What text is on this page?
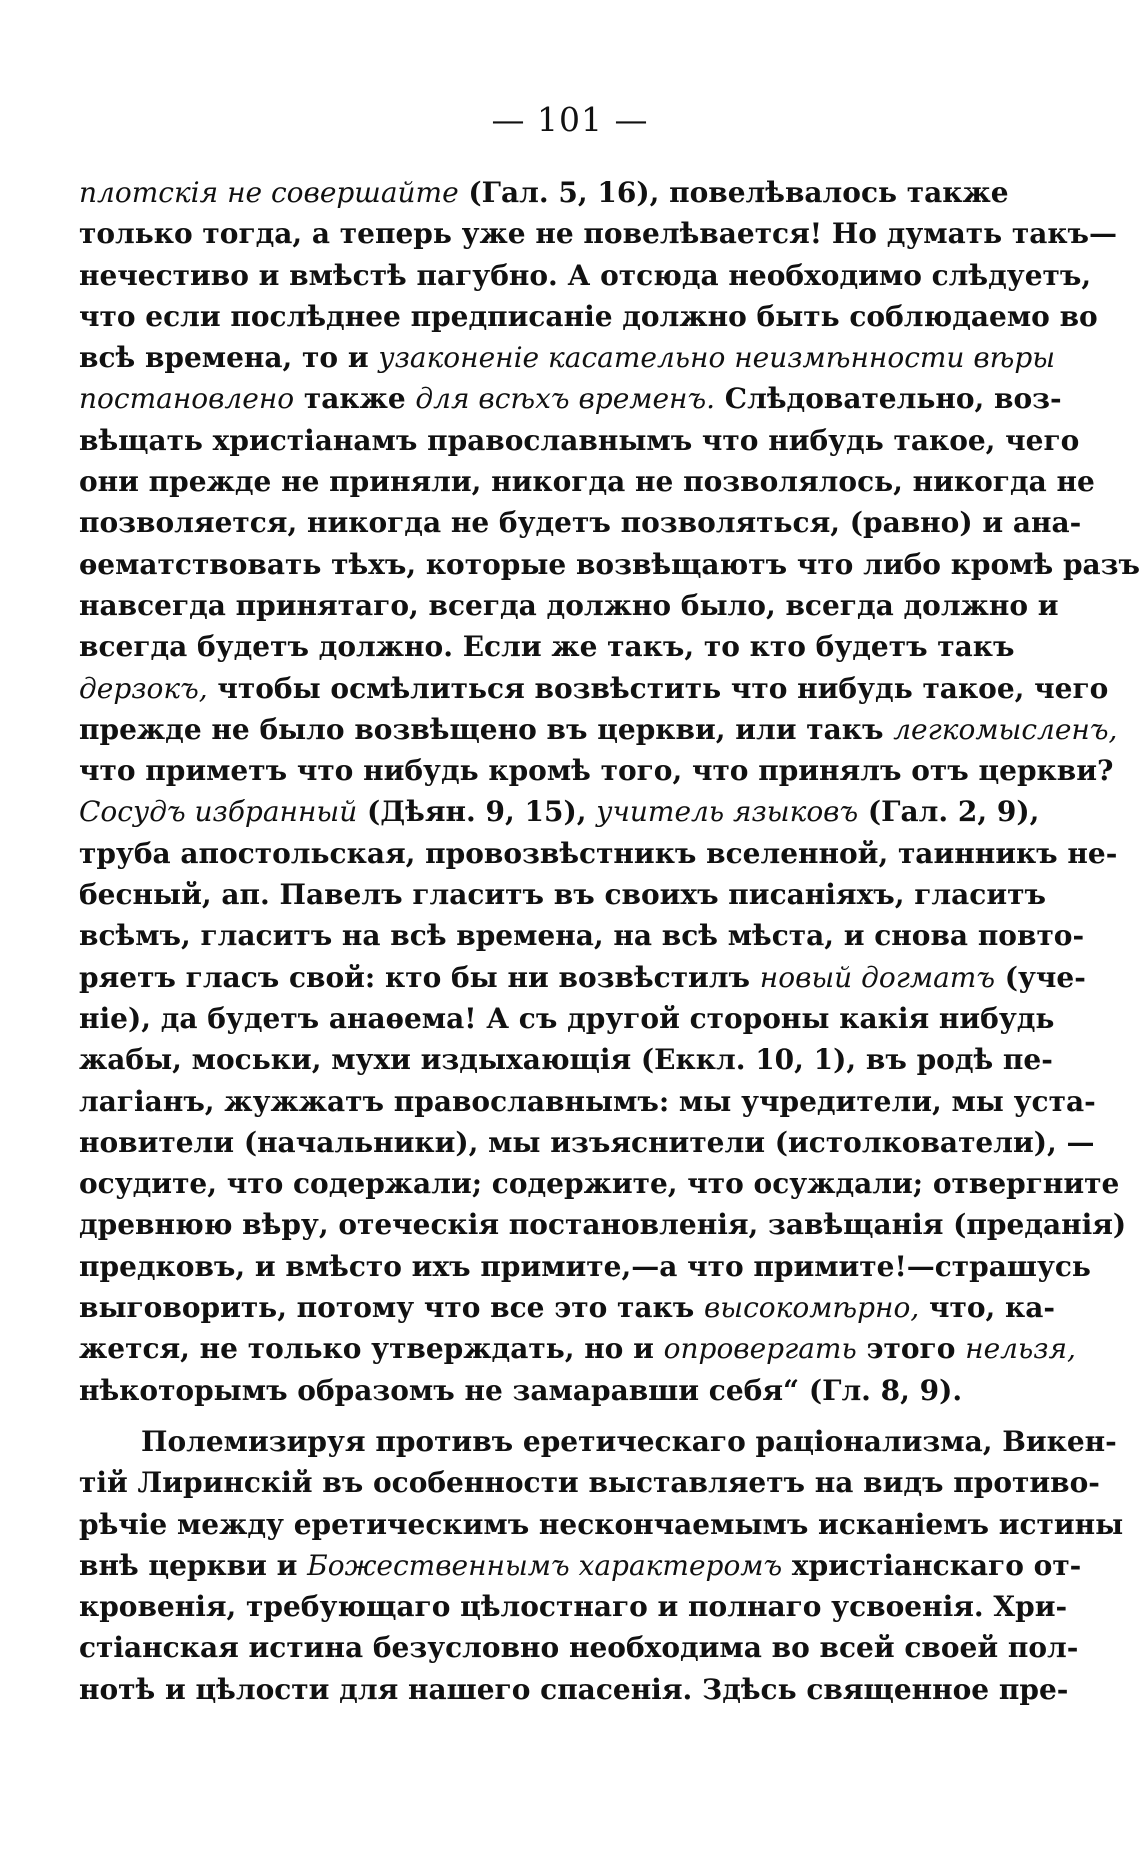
— 101 —
плотскія не совершайте (Гал. 5, 16), повелѣвалось также
только тогда, а теперь уже не повелѣвается! Но думать такъ—
нечестиво и вмѣстѣ пагубно. А отсюда необходимо слѣдуетъ,
что если послѣднее предписаніе должно быть соблюдаемо во
всѣ времена, то и узаконеніе касательно неизмѣнности вѣры
постановлено также для всѣхъ временъ. Слѣдовательно, воз-
вѣщать христіанамъ православнымъ что нибудь такое, чего
они прежде не приняли, никогда не позволялось, никогда не
позволяется, никогда не будетъ позволяться, (равно) и ана-
ѳематствовать тѣхъ, которые возвѣщаютъ что либо кромѣ разъ
навсегда принятаго, всегда должно было, всегда должно и
всегда будетъ должно. Если же такъ, то кто будетъ такъ
дерзокъ, чтобы осмѣлиться возвѣстить что нибудь такое, чего
прежде не было возвѣщено въ церкви, или такъ легкомысленъ,
что приметъ что нибудь кромѣ того, что принялъ отъ церкви?
Сосудъ избранный (Дѣян. 9, 15), учитель языковъ (Гал. 2, 9),
труба апостольская, провозвѣстникъ вселенной, таинникъ не-
бесный, ап. Павелъ гласитъ въ своихъ писаніяхъ, гласитъ
всѣмъ, гласитъ на всѣ времена, на всѣ мѣста, и снова повто-
ряетъ гласъ свой: кто бы ни возвѣстилъ новый догматъ (уче-
ніе), да будетъ анаѳема! А съ другой стороны какія нибудь
жабы, моськи, мухи издыхающія (Еккл. 10, 1), въ родѣ пе-
лагіанъ, жужжатъ православнымъ: мы учредители, мы уста-
новители (начальники), мы изъяснители (истолкователи), —
осудите, что содержали; содержите, что осуждали; отвергните
древнюю вѣру, отеческія постановленія, завѣщанія (преданія)
предковъ, и вмѣсто ихъ примите,—а что примите!—страшусь
выговорить, потому что все это такъ высокомѣрно, что, ка-
жется, не только утверждать, но и опровергать этого нельзя,
нѣкоторымъ образомъ не замаравши себя“ (Гл. 8, 9).
Полемизируя противъ еретическаго раціонализма, Викен-
тій Лиринскій въ особенности выставляетъ на видъ противо-
рѣчіе между еретическимъ нескончаемымъ исканіемъ истины
внѣ церкви и Божественнымъ характеромъ христіанскаго от-
кровенія, требующаго цѣлостнаго и полнаго усвоенія. Хри-
стіанская истина безусловно необходима во всей своей пол-
нотѣ и цѣлости для нашего спасенія. Здѣсь священное пре-
